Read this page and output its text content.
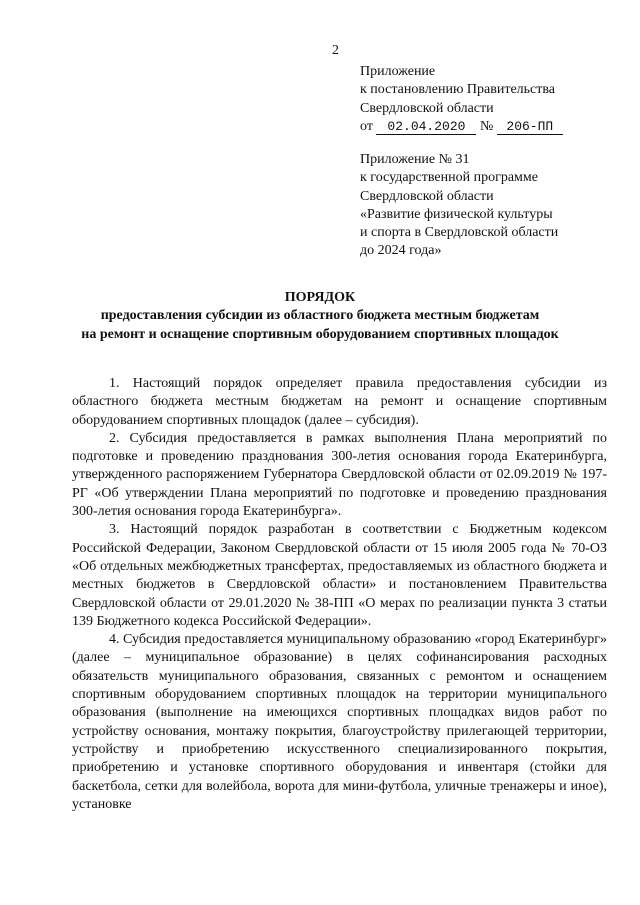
2
Приложение
к постановлению Правительства
Свердловской области
от 02.04.2020 № 206-ПП
Приложение № 31
к государственной программе
Свердловской области
«Развитие физической культуры
и спорта в Свердловской области
до 2024 года»
ПОРЯДОК
предоставления субсидии из областного бюджета местным бюджетам
на ремонт и оснащение спортивным оборудованием спортивных площадок

1. Настоящий порядок определяет правила предоставления субсидии из областного бюджета местным бюджетам на ремонт и оснащение спортивным оборудованием спортивных площадок (далее – субсидия).

2. Субсидия предоставляется в рамках выполнения Плана мероприятий по подготовке и проведению празднования 300-летия основания города Екатеринбурга, утвержденного распоряжением Губернатора Свердловской области от 02.09.2019 № 197-РГ «Об утверждении Плана мероприятий по подготовке и проведению празднования 300-летия основания города Екатеринбурга».

3. Настоящий порядок разработан в соответствии с Бюджетным кодексом Российской Федерации, Законом Свердловской области от 15 июля 2005 года № 70-ОЗ «Об отдельных межбюджетных трансфертах, предоставляемых из областного бюджета и местных бюджетов в Свердловской области» и постановлением Правительства Свердловской области от 29.01.2020 № 38-ПП «О мерах по реализации пункта 3 статьи 139 Бюджетного кодекса Российской Федерации».

4. Субсидия предоставляется муниципальному образованию «город Екатеринбург» (далее – муниципальное образование) в целях софинансирования расходных обязательств муниципального образования, связанных с ремонтом и оснащением спортивным оборудованием спортивных площадок на территории муниципального образования (выполнение на имеющихся спортивных площадках видов работ по устройству основания, монтажу покрытия, благоустройству прилегающей территории, устройству и приобретению искусственного специализированного покрытия, приобретению и установке спортивного оборудования и инвентаря (стойки для баскетбола, сетки для волейбола, ворота для мини-футбола, уличные тренажеры и иное), установке
